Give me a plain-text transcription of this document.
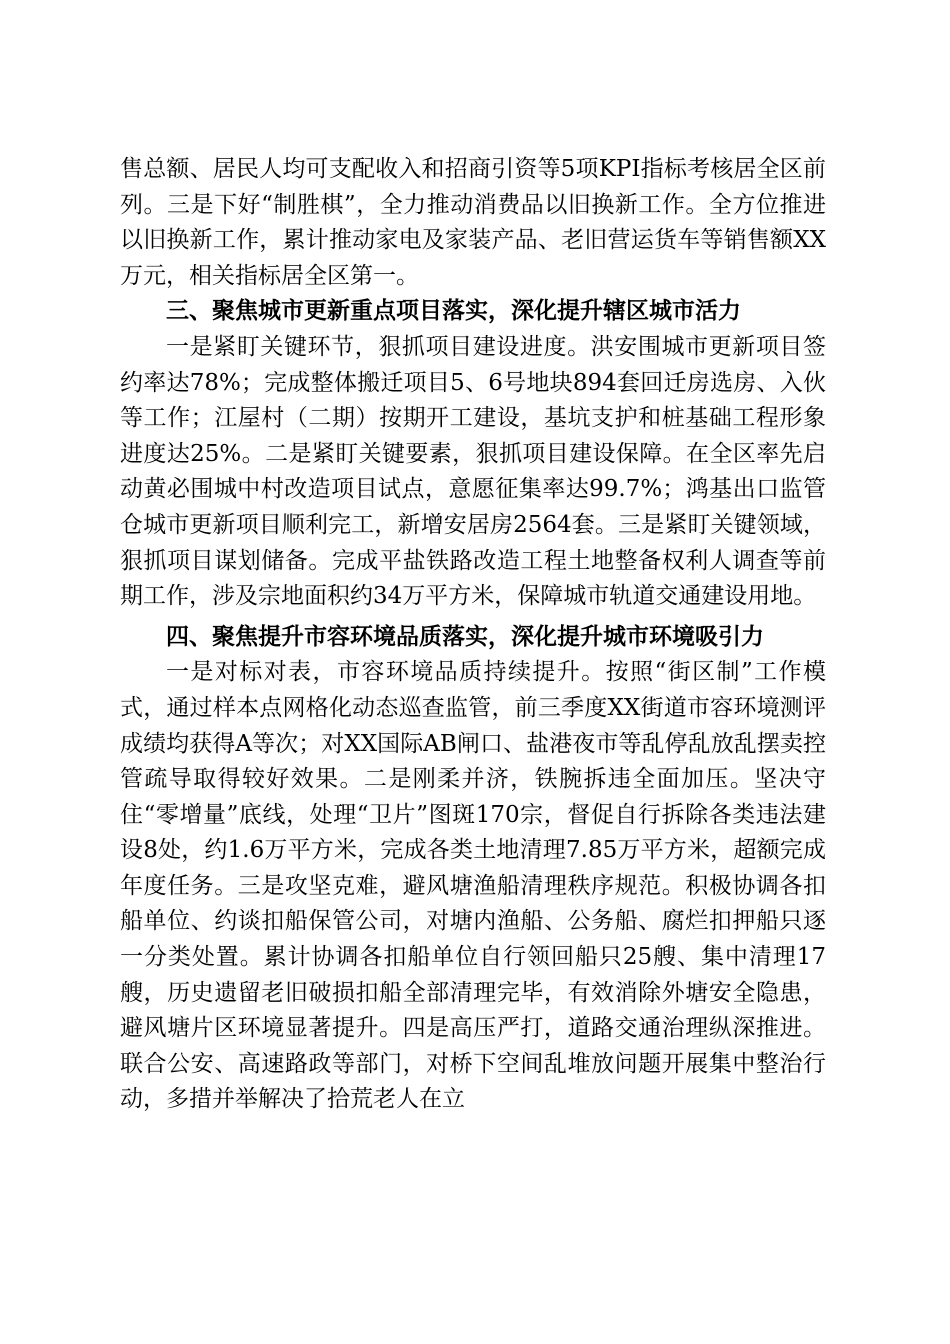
售总额、居民人均可支配收入和招商引资等5项KPI指标考核居全区前列。三是下好“制胜棋”，全力推动消费品以旧换新工作。全方位推进以旧换新工作，累计推动家电及家装产品、老旧营运货车等销售额XX万元，相关指标居全区第一。

三、聚焦城市更新重点项目落实，深化提升辖区城市活力

一是紧盯关键环节，狠抓项目建设进度。洪安围城市更新项目签约率达78%；完成整体搬迁项目5、6号地块894套回迁房选房、入伙等工作；江屋村（二期）按期开工建设，基坑支护和桩基础工程形象进度达25%。二是紧盯关键要素，狠抓项目建设保障。在全区率先启动黄必围城中村改造项目试点，意愿征集率达99.7%；鸿基出口监管仓城市更新项目顺利完工，新增安居房2564套。三是紧盯关键领域，狠抓项目谋划储备。完成平盐铁路改造工程土地整备权利人调查等前期工作，涉及宗地面积约34万平方米，保障城市轨道交通建设用地。

四、聚焦提升市容环境品质落实，深化提升城市环境吸引力

一是对标对表，市容环境品质持续提升。按照“街区制”工作模式，通过样本点网格化动态巡查监管，前三季度XX街道市容环境测评成绩均获得A等次；对XX国际AB闸口、盐港夜市等乱停乱放乱摆卖控管疏导取得较好效果。二是刚柔并济，铁腕拆违全面加压。坚决守住“零增量”底线，处理“卫片”图斑170宗，督促自行拆除各类违法建设8处，约1.6万平方米，完成各类土地清理7.85万平方米，超额完成年度任务。三是攻坚克难，避风塘渔船清理秩序规范。积极协调各扣船单位、约谈扣船保管公司，对塘内渔船、公务船、腐烂扣押船只逐一分类处置。累计协调各扣船单位自行领回船只25艘、集中清理17艘，历史遗留老旧破损扣船全部清理完毕，有效消除外塘安全隐患，避风塘片区环境显著提升。四是高压严打，道路交通治理纵深推进。联合公安、高速路政等部门，对桥下空间乱堆放问题开展集中整治行动，多措并举解决了拾荒老人在立
